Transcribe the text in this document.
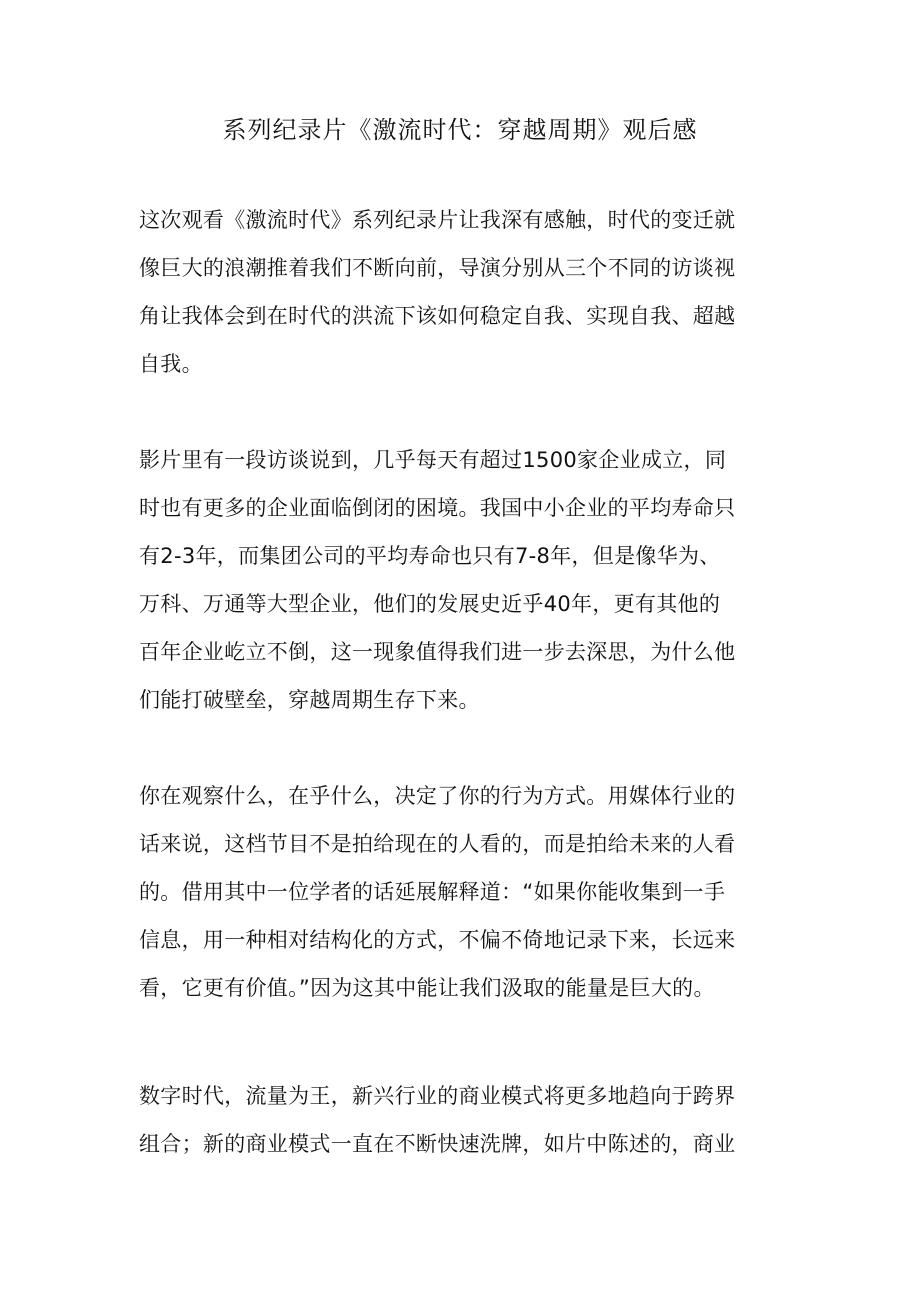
系列纪录片《激流时代：穿越周期》观后感
这次观看《激流时代》系列纪录片让我深有感触，时代的变迁就
像巨大的浪潮推着我们不断向前，导演分别从三个不同的访谈视
角让我体会到在时代的洪流下该如何稳定自我、实现自我、超越
自我。
影片里有一段访谈说到，几乎每天有超过1500家企业成立，同
时也有更多的企业面临倒闭的困境。我国中小企业的平均寿命只
有2-3年，而集团公司的平均寿命也只有7-8年，但是像华为、
万科、万通等大型企业，他们的发展史近乎40年，更有其他的
百年企业屹立不倒，这一现象值得我们进一步去深思，为什么他
们能打破壁垒，穿越周期生存下来。
你在观察什么，在乎什么，决定了你的行为方式。用媒体行业的
话来说，这档节目不是拍给现在的人看的，而是拍给未来的人看
的。借用其中一位学者的话延展解释道：“如果你能收集到一手
信息，用一种相对结构化的方式，不偏不倚地记录下来，长远来
看，它更有价值。”因为这其中能让我们汲取的能量是巨大的。
数字时代，流量为王，新兴行业的商业模式将更多地趋向于跨界
组合；新的商业模式一直在不断快速洗牌，如片中陈述的，商业
